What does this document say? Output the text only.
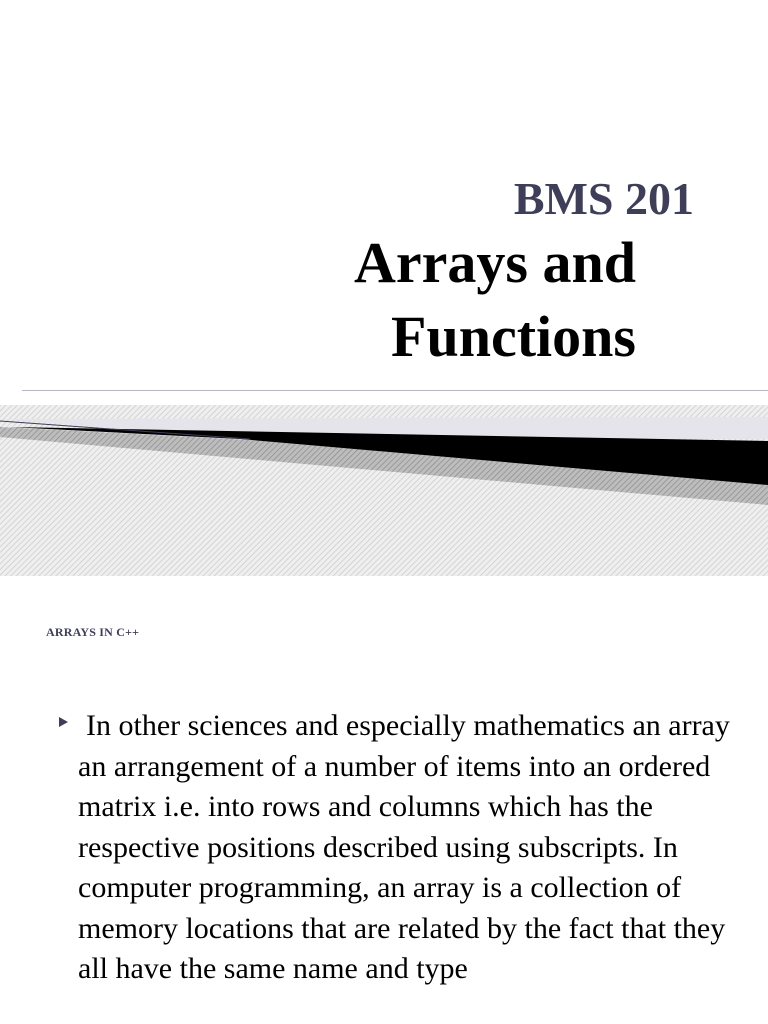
BMS 201
Arrays and Functions
ARRAYS IN C++

In other sciences and especially mathematics an array an arrangement of a number of items into an ordered matrix i.e. into rows and columns which has the respective positions described using subscripts. In computer programming, an array is a collection of memory locations that are related by the fact that they all have the same name and type
